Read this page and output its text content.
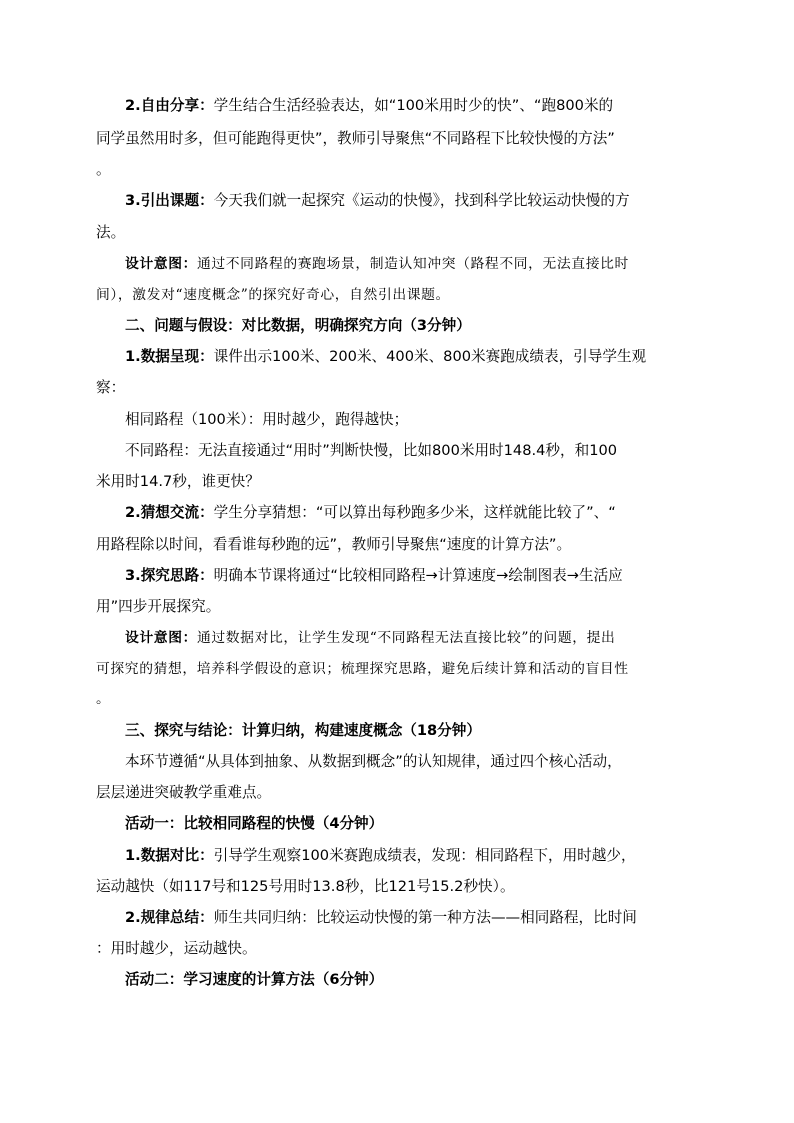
2.自由分享：学生结合生活经验表达，如“100米用时少的快”、“跑800米的
同学虽然用时多，但可能跑得更快”，教师引导聚焦“不同路程下比较快慢的方法”
。
3.引出课题：今天我们就一起探究《运动的快慢》，找到科学比较运动快慢的方
法。
设计意图：通过不同路程的赛跑场景，制造认知冲突（路程不同，无法直接比时
间），激发对“速度概念”的探究好奇心，自然引出课题。
二、问题与假设：对比数据，明确探究方向（3分钟）
1.数据呈现：课件出示100米、200米、400米、800米赛跑成绩表，引导学生观
察：
相同路程（100米）：用时越少，跑得越快；
不同路程：无法直接通过“用时”判断快慢，比如800米用时148.4秒，和100
米用时14.7秒，谁更快？
2.猜想交流：学生分享猜想：“可以算出每秒跑多少米，这样就能比较了”、“
用路程除以时间，看看谁每秒跑的远”，教师引导聚焦“速度的计算方法”。
3.探究思路：明确本节课将通过“比较相同路程→计算速度→绘制图表→生活应
用”四步开展探究。
设计意图：通过数据对比，让学生发现“不同路程无法直接比较”的问题，提出
可探究的猜想，培养科学假设的意识；梳理探究思路，避免后续计算和活动的盲目性
。
三、探究与结论：计算归纳，构建速度概念（18分钟）
本环节遵循“从具体到抽象、从数据到概念”的认知规律，通过四个核心活动，
层层递进突破教学重难点。
活动一：比较相同路程的快慢（4分钟）
1.数据对比：引导学生观察100米赛跑成绩表，发现：相同路程下，用时越少，
运动越快（如117号和125号用时13.8秒，比121号15.2秒快）。
2.规律总结：师生共同归纳：比较运动快慢的第一种方法——相同路程，比时间
：用时越少，运动越快。
活动二：学习速度的计算方法（6分钟）
